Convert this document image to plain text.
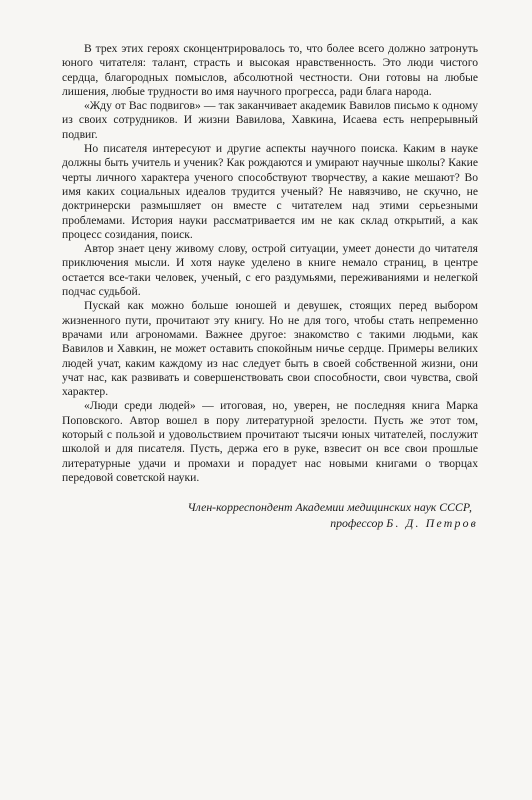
В трех этих героях сконцентрировалось то, что более всего должно затронуть юного читателя: талант, страсть и высокая нравственность. Это люди чистого сердца, благородных помыслов, абсолютной честности. Они готовы на любые лишения, любые трудности во имя научного прогресса, ради блага народа.

«Жду от Вас подвигов» — так заканчивает академик Вавилов письмо к одному из своих сотрудников. И жизни Вавилова, Хавкина, Исаева есть непрерывный подвиг.

Но писателя интересуют и другие аспекты научного поиска. Каким в науке должны быть учитель и ученик? Как рождаются и умирают научные школы? Какие черты личного характера ученого способствуют творчеству, а какие мешают? Во имя каких социальных идеалов трудится ученый? Не навязчиво, не скучно, не доктринерски размышляет он вместе с читателем над этими серьезными проблемами. История науки рассматривается им не как склад открытий, а как процесс созидания, поиск.

Автор знает цену живому слову, острой ситуации, умеет донести до читателя приключения мысли. И хотя науке уделено в книге немало страниц, в центре остается все-таки человек, ученый, с его раздумьями, переживаниями и нелегкой подчас судьбой.

Пускай как можно больше юношей и девушек, стоящих перед выбором жизненного пути, прочитают эту книгу. Но не для того, чтобы стать непременно врачами или агрономами. Важнее другое: знакомство с такими людьми, как Вавилов и Хавкин, не может оставить спокойным ничье сердце. Примеры великих людей учат, каким каждому из нас следует быть в своей собственной жизни, они учат нас, как развивать и совершенствовать свои способности, свои чувства, свой характер.

«Люди среди людей» — итоговая, но, уверен, не последняя книга Марка Поповского. Автор вошел в пору литературной зрелости. Пусть же этот том, который с пользой и удовольствием прочитают тысячи юных читателей, послужит школой и для писателя. Пусть, держа его в руке, взвесит он все свои прошлые литературные удачи и промахи и порадует нас новыми книгами о творцах передовой советской науки.

Член-корреспондент Академии медицинских наук СССР,
профессор Б. Д. Петров
